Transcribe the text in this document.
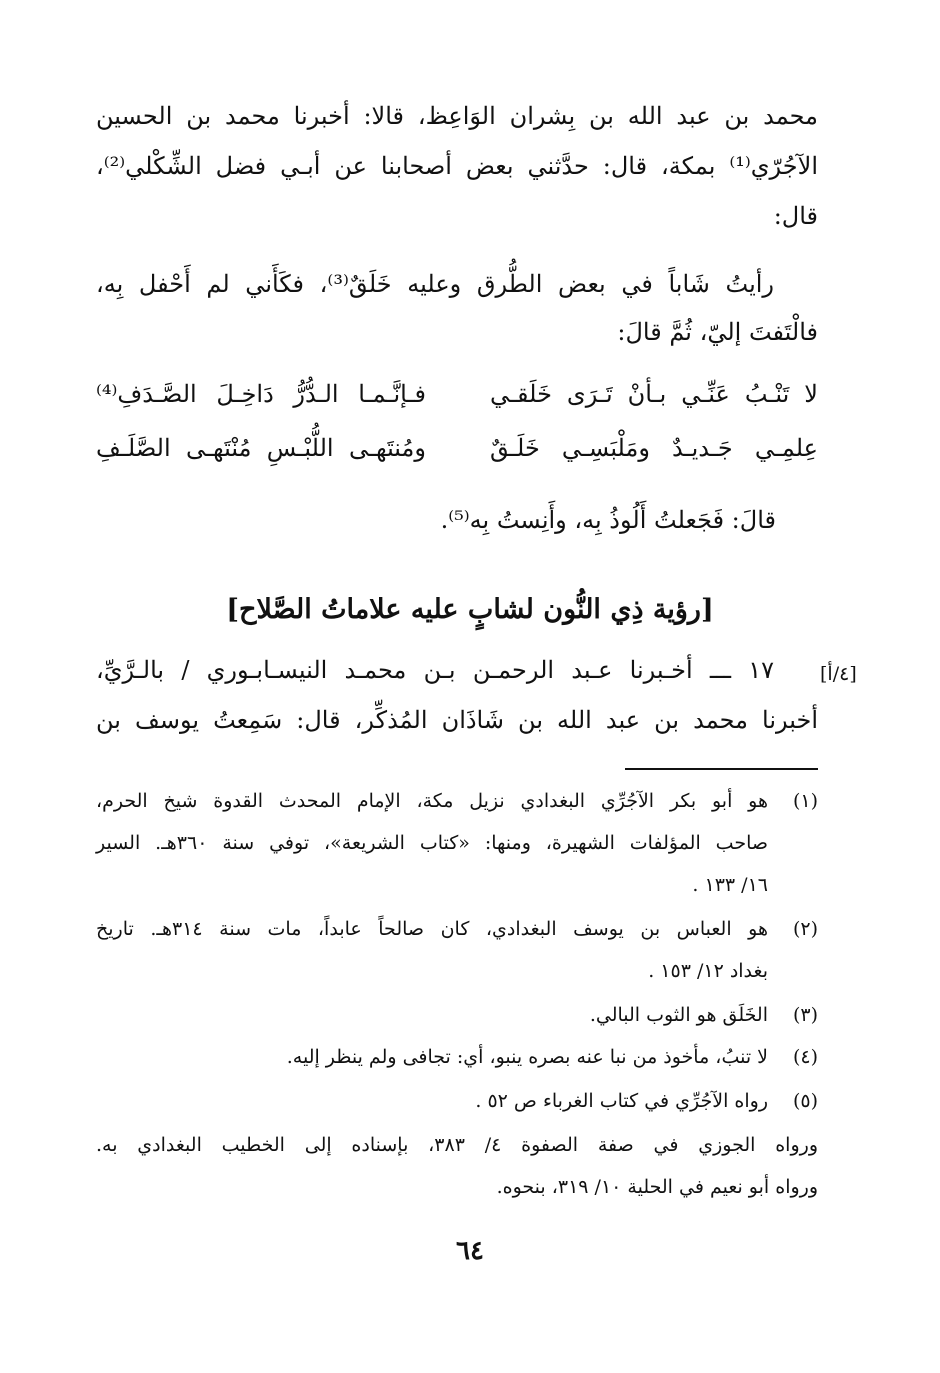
محمد بن عبد الله بن بِشران الوَاعِظ، قالا: أخبرنا محمد بن الحسين
الآجُرّي⁽¹⁾ بمكة، قال: حدَّثني بعض أصحابنا عن أبـي فضل الشِّكْلي⁽²⁾،
قال:
رأيتُ شَاباً في بعض الطُّرق وعليه خَلَقٌ⁽³⁾، فكَأَني لم أَحْفل بِه،
فالْتَفتَ إليّ، ثُمَّ قالَ:
لا تَنْـبُ عَنِّـي بـأنْ تَـرَى خَلَقـي
فـإنَّـمـا الـدُّرُّ دَاخِـلَ الصَّـدَفِ⁽⁴⁾
عِلمِـي جَـديـدٌ ومَلْبَسِـي خَلَـقٌ
ومُنتَهـى اللُّبْـسِ مُنْتَهـى الصَّلَـفِ
قالَ: فَجَعلتُ أَلُوذُ بِه، وأَنِستُ بِه⁽⁵⁾.
[رؤية ذِي النُّون لشابٍ عليه علاماتُ الصَّلاح]
[٤/أ]
١٧ ـــ أخـبرنا عـبد الرحمـن بـن محمـد النيسـابـوري / بالـرَّيِّ،
أخبرنا محمد بن عبد الله بن شَاذَان المُذكِّر، قال: سَمِعتُ يوسف بن
(١)
هو أبو بكر الآجُرِّي البغدادي نزيل مكة، الإمام المحدث القدوة شيخ الحرم،
صاحب المؤلفات الشهيرة، ومنها: «كتاب الشريعة»، توفي سنة ٣٦٠هـ. السير
١٦/ ١٣٣ .
(٢)
هو العباس بن يوسف البغدادي، كان صالحاً عابداً، مات سنة ٣١٤هـ. تاريخ
بغداد ١٢/ ١٥٣ .
(٣)
الخَلَق هو الثوب البالي.
(٤)
لا تنبُ، مأخوذ من نبا عنه بصره ينبو، أي: تجافى ولم ينظر إليه.
(٥)
رواه الآجُرِّي في كتاب الغرباء ص ٥٢ .
ورواه الجوزي في صفة الصفوة ٤/ ٣٨٣، بإسناده إلى الخطيب البغدادي به.
ورواه أبو نعيم في الحلية ١٠/ ٣١٩، بنحوه.
٦٤
